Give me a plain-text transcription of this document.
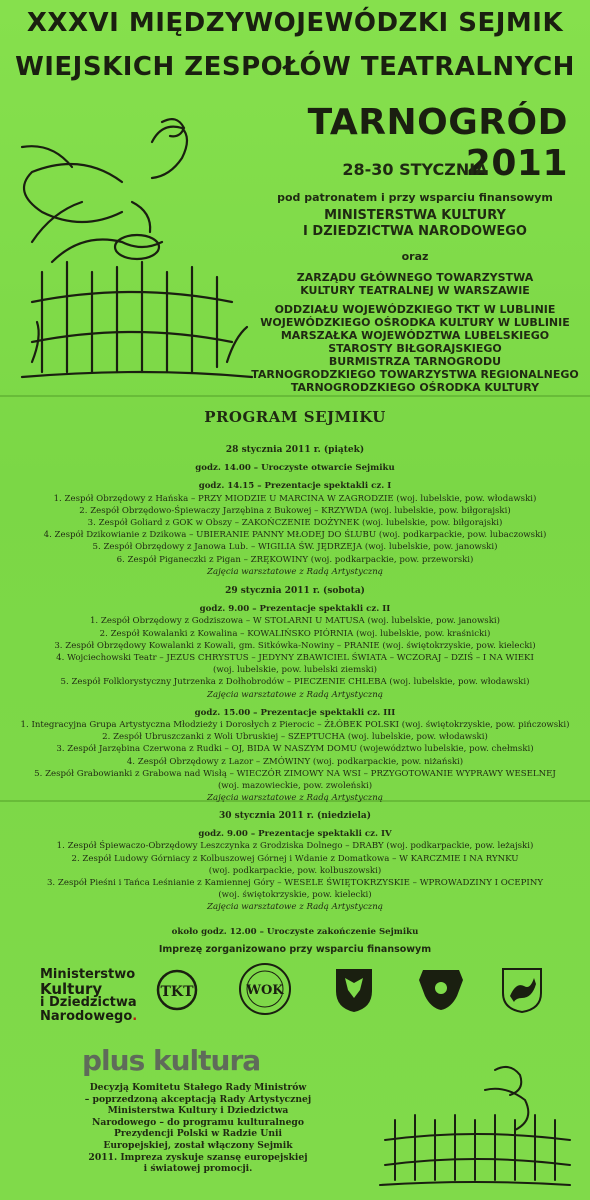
XXXVI MIĘDZYWOJEWÓDZKI SEJMIK
WIEJSKICH ZESPOŁÓW TEATRALNYCH
TARNOGRÓD 2011
28-30 STYCZNIA
pod patronatem i przy wsparciu finansowym
MINISTERSTWA KULTURY
I DZIEDZICTWA NARODOWEGO
oraz
ZARZĄDU GŁÓWNEGO TOWARZYSTWA
KULTURY TEATRALNEJ W WARSZAWIE
ODDZIAŁU WOJEWÓDZKIEGO TKT W LUBLINIE
WOJEWÓDZKIEGO OŚRODKA KULTURY W LUBLINIE
MARSZAŁKA WOJEWÓDZTWA LUBELSKIEGO
STAROSTY BIŁGORAJSKIEGO
BURMISTRZA TARNOGRODU
TARNOGRODZKIEGO TOWARZYSTWA REGIONALNEGO
TARNOGRODZKIEGO OŚRODKA KULTURY
PROGRAM SEJMIKU
28 stycznia 2011 r. (piątek)
godz. 14.00 – Uroczyste otwarcie Sejmiku
godz. 14.15 – Prezentacje spektakli cz. I
1. Zespół Obrzędowy z Hańska – PRZY MIODZIE U MARCINA W ZAGRODZIE (woj. lubelskie, pow. włodawski)
2. Zespół Obrzędowo-Śpiewaczy Jarzębina z Bukowej – KRZYWDA (woj. lubelskie, pow. biłgorajski)
3. Zespół Goliard z GOK w Obszy – ZAKOŃCZENIE DOŻYNEK (woj. lubelskie, pow. biłgorajski)
4. Zespół Dzikowianie z Dzikowa – UBIERANIE PANNY MŁODEJ DO ŚLUBU (woj. podkarpackie, pow. lubaczowski)
5. Zespół Obrzędowy z Janowa Lub. – WIGILIA ŚW. JĘDRZEJA (woj. lubelskie, pow. janowski)
6. Zespół Piganeczki z Pigan – ZRĘKOWINY (woj. podkarpackie, pow. przeworski)
Zajęcia warsztatowe z Radą Artystyczną
29 stycznia 2011 r. (sobota)
godz. 9.00 – Prezentacje spektakli cz. II
1. Zespół Obrzędowy z Godziszowa – W STOLARNI U MATUSA (woj. lubelskie, pow. janowski)
2. Zespół Kowalanki z Kowalina – KOWALIŃSKO PIÓRNIA (woj. lubelskie, pow. kraśnicki)
3. Zespół Obrzędowy Kowalanki z Kowali, gm. Sitkówka-Nowiny – PRANIE (woj. świętokrzyskie, pow. kielecki)
4. Wojciechowski Teatr – JEZUS CHRYSTUS – JEDYNY ZBAWICIEL ŚWIATA – WCZORAJ – DZIŚ – I NA WIEKI
(woj. lubelskie, pow. lubelski ziemski)
5. Zespół Folklorystyczny Jutrzenka z Dołhobrodów – PIECZENIE CHLEBA (woj. lubelskie, pow. włodawski)
Zajęcia warsztatowe z Radą Artystyczną
godz. 15.00 – Prezentacje spektakli cz. III
1. Integracyjna Grupa Artystyczna Młodzieży i Dorosłych z Pierocic – ŻŁÓBEK POLSKI (woj. świętokrzyskie, pow. pińczowski)
2. Zespół Ubruszczanki z Woli Ubruskiej – SZEPTUCHA (woj. lubelskie, pow. włodawski)
3. Zespół Jarzębina Czerwona z Rudki – OJ, BIDA W NASZYM DOMU (województwo lubelskie, pow. chełmski)
4. Zespół Obrzędowy z Lazor – ZMÓWINY (woj. podkarpackie, pow. niżański)
5. Zespół Grabowianki z Grabowa nad Wisłą – WIECZÓR ZIMOWY NA WSI – PRZYGOTOWANIE WYPRAWY WESELNEJ
(woj. mazowieckie, pow. zwoleński)
Zajęcia warsztatowe z Radą Artystyczną
30 stycznia 2011 r. (niedziela)
godz. 9.00 – Prezentacje spektakli cz. IV
1. Zespół Śpiewaczo-Obrzędowy Leszczynka z Grodziska Dolnego – DRABY (woj. podkarpackie, pow. leżajski)
2. Zespół Ludowy Górniacy z Kolbuszowej Górnej i Wdanie z Domatkowa – W KARCZMIE I NA RYNKU
(woj. podkarpackie, pow. kolbuszowski)
3. Zespół Pieśni i Tańca Leśnianie z Kamiennej Góry – WESELE ŚWIĘTOKRZYSKIE – WPROWADZINY I OCEPINY
(woj. świętokrzyskie, pow. kielecki)
Zajęcia warsztatowe z Radą Artystyczną
około godz. 12.00 – Uroczyste zakończenie Sejmiku
Imprezę zorganizowano przy wsparciu finansowym
Ministerstwo
Kultury
i Dziedzictwa
Narodowego.
TKT	WOK
plus kultura
Decyzją Komitetu Stałego Rady Ministrów
– poprzedzoną akceptacją Rady Artystycznej
Ministerstwa Kultury i Dziedzictwa
Narodowego – do programu kulturalnego
Prezydencji Polski w Radzie Unii
Europejskiej, został włączony Sejmik
2011. Impreza zyskuje szansę europejskiej
i światowej promocji.
